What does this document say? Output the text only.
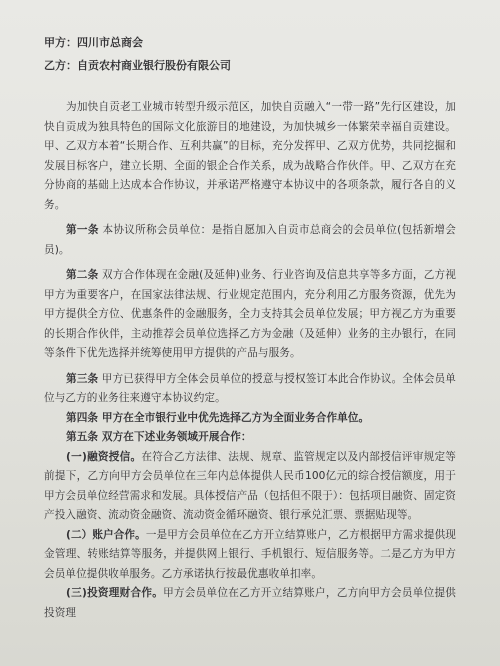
甲方：四川市总商会
乙方：自贡农村商业银行股份有限公司

为加快自贡老工业城市转型升级示范区，加快自贡融入“一带一路”先行区建设，加快自贡成为独具特色的国际文化旅游目的地建设，为加快城乡一体繁荣幸福自贡建设。甲、乙双方本着“长期合作、互利共赢”的目标，充分发挥甲、乙双方优势，共同挖掘和发展目标客户，建立长期、全面的银企合作关系，成为战略合作伙伴。甲、乙双方在充分协商的基础上达成本合作协议，并承诺严格遵守本协议中的各项条款，履行各自的义务。

第一条 本协议所称会员单位：是指自愿加入自贡市总商会的会员单位(包括新增会员)。

第二条 双方合作体现在金融(及延伸)业务、行业咨询及信息共享等多方面，乙方视甲方为重要客户，在国家法律法规、行业规定范围内，充分利用乙方服务资源，优先为甲方提供全方位、优惠条件的金融服务，全力支持其会员单位发展；甲方视乙方为重要的长期合作伙伴，主动推荐会员单位选择乙方为金融（及延伸）业务的主办银行，在同等条件下优先选择并统筹使用甲方提供的产品与服务。

第三条 甲方已获得甲方全体会员单位的授意与授权签订本此合作协议。全体会员单位与乙方的业务往来遵守本协议约定。

第四条 甲方在全市银行业中优先选择乙方为全面业务合作单位。

第五条 双方在下述业务领域开展合作：

(一)融资授信。在符合乙方法律、法规、规章、监管规定以及内部授信评审规定等前提下，乙方向甲方会员单位在三年内总体提供人民币100亿元的综合授信额度，用于甲方会员单位经营需求和发展。具体授信产品（包括但不限于）：包括项目融资、固定资产投入融资、流动资金融资、流动资金循环融资、银行承兑汇票、票据贴现等。

(二）账户合作。一是甲方会员单位在乙方开立结算账户，乙方根据甲方需求提供现金管理、转账结算等服务，并提供网上银行、手机银行、短信服务等。二是乙方为甲方会员单位提供收单服务。乙方承诺执行按最优惠收单扣率。

(三)投资理财合作。甲方会员单位在乙方开立结算账户，乙方向甲方会员单位提供投资理
